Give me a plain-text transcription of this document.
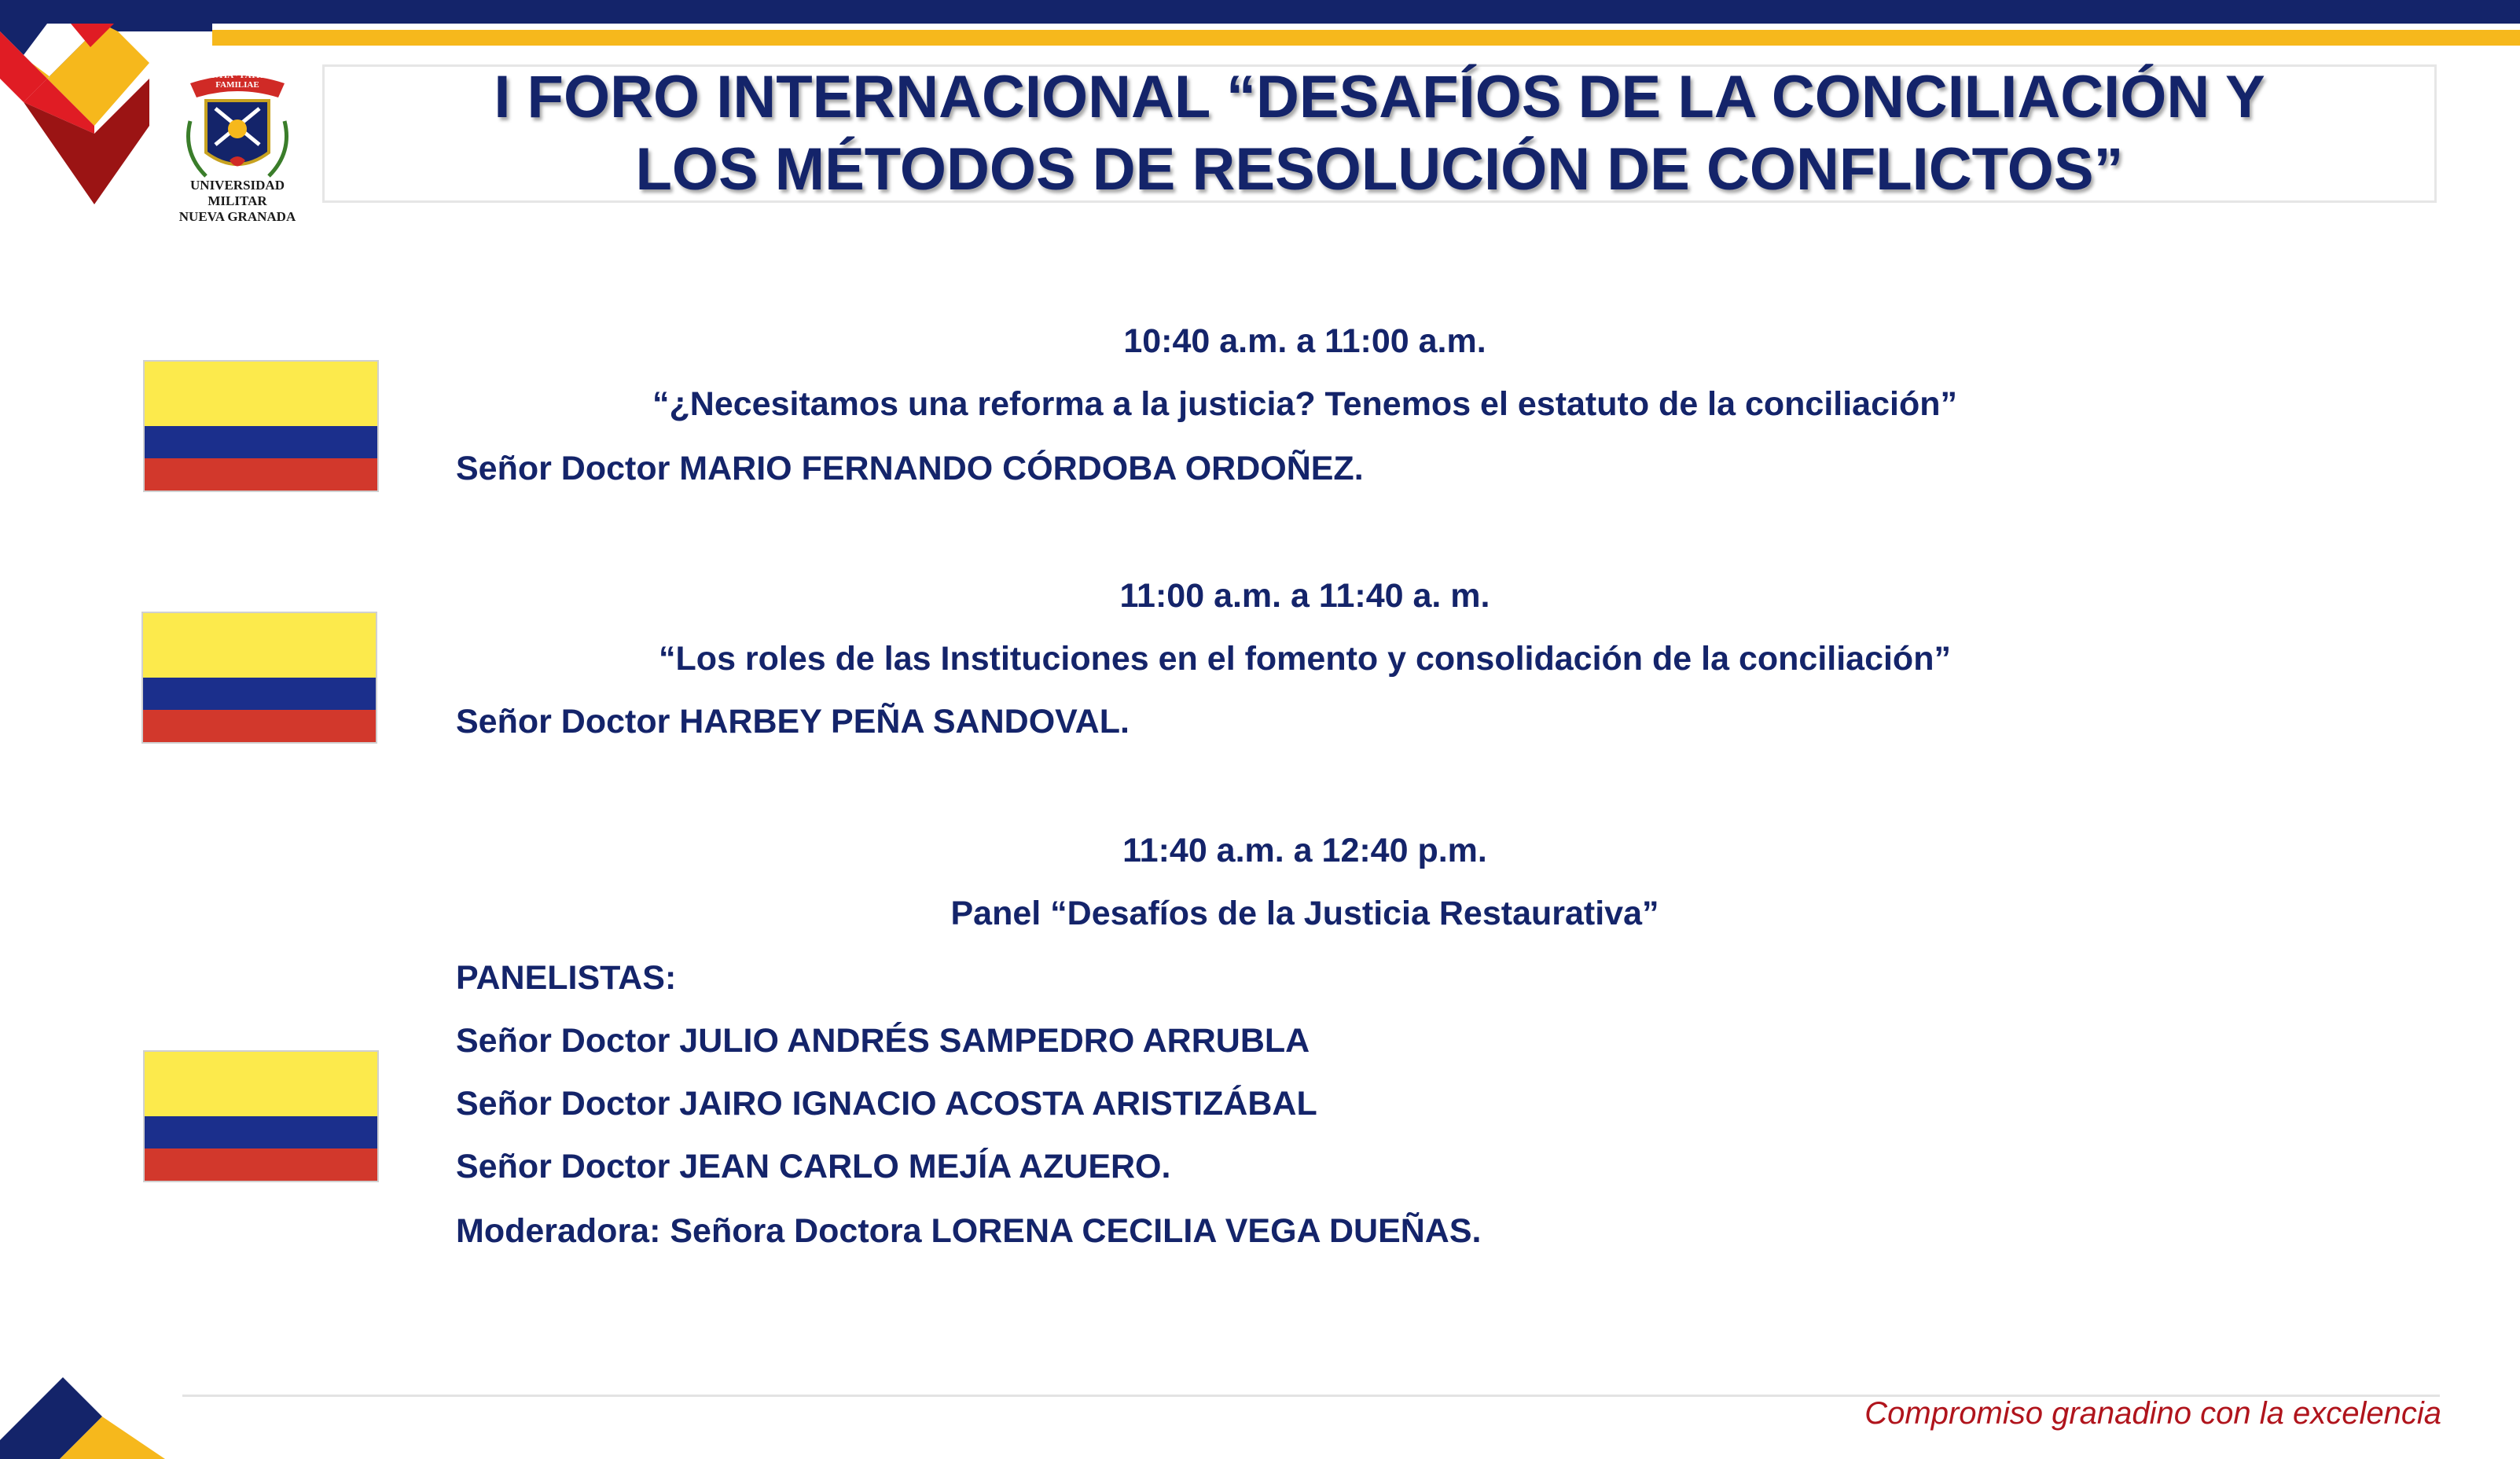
SCIENTIA · PATRIAE · FAMILIAE
UNIVERSIDAD MILITAR
NUEVA GRANADA
I FORO INTERNACIONAL “DESAFÍOS DE LA CONCILIACIÓN Y
LOS MÉTODOS DE RESOLUCIÓN DE CONFLICTOS”
10:40 a.m. a 11:00 a.m.
“¿Necesitamos una reforma a la justicia? Tenemos el estatuto de la conciliación”
Señor Doctor MARIO FERNANDO CÓRDOBA ORDOÑEZ.
11:00 a.m. a 11:40 a. m.
“Los roles de las Instituciones en el fomento y consolidación de la conciliación”
Señor Doctor HARBEY PEÑA SANDOVAL.
11:40 a.m. a 12:40 p.m.
Panel “Desafíos de la Justicia Restaurativa”
PANELISTAS:
Señor Doctor JULIO ANDRÉS SAMPEDRO ARRUBLA
Señor Doctor JAIRO IGNACIO ACOSTA ARISTIZÁBAL
Señor Doctor JEAN CARLO MEJÍA AZUERO.
Moderadora: Señora Doctora LORENA CECILIA VEGA DUEÑAS.
Compromiso granadino con la excelencia
